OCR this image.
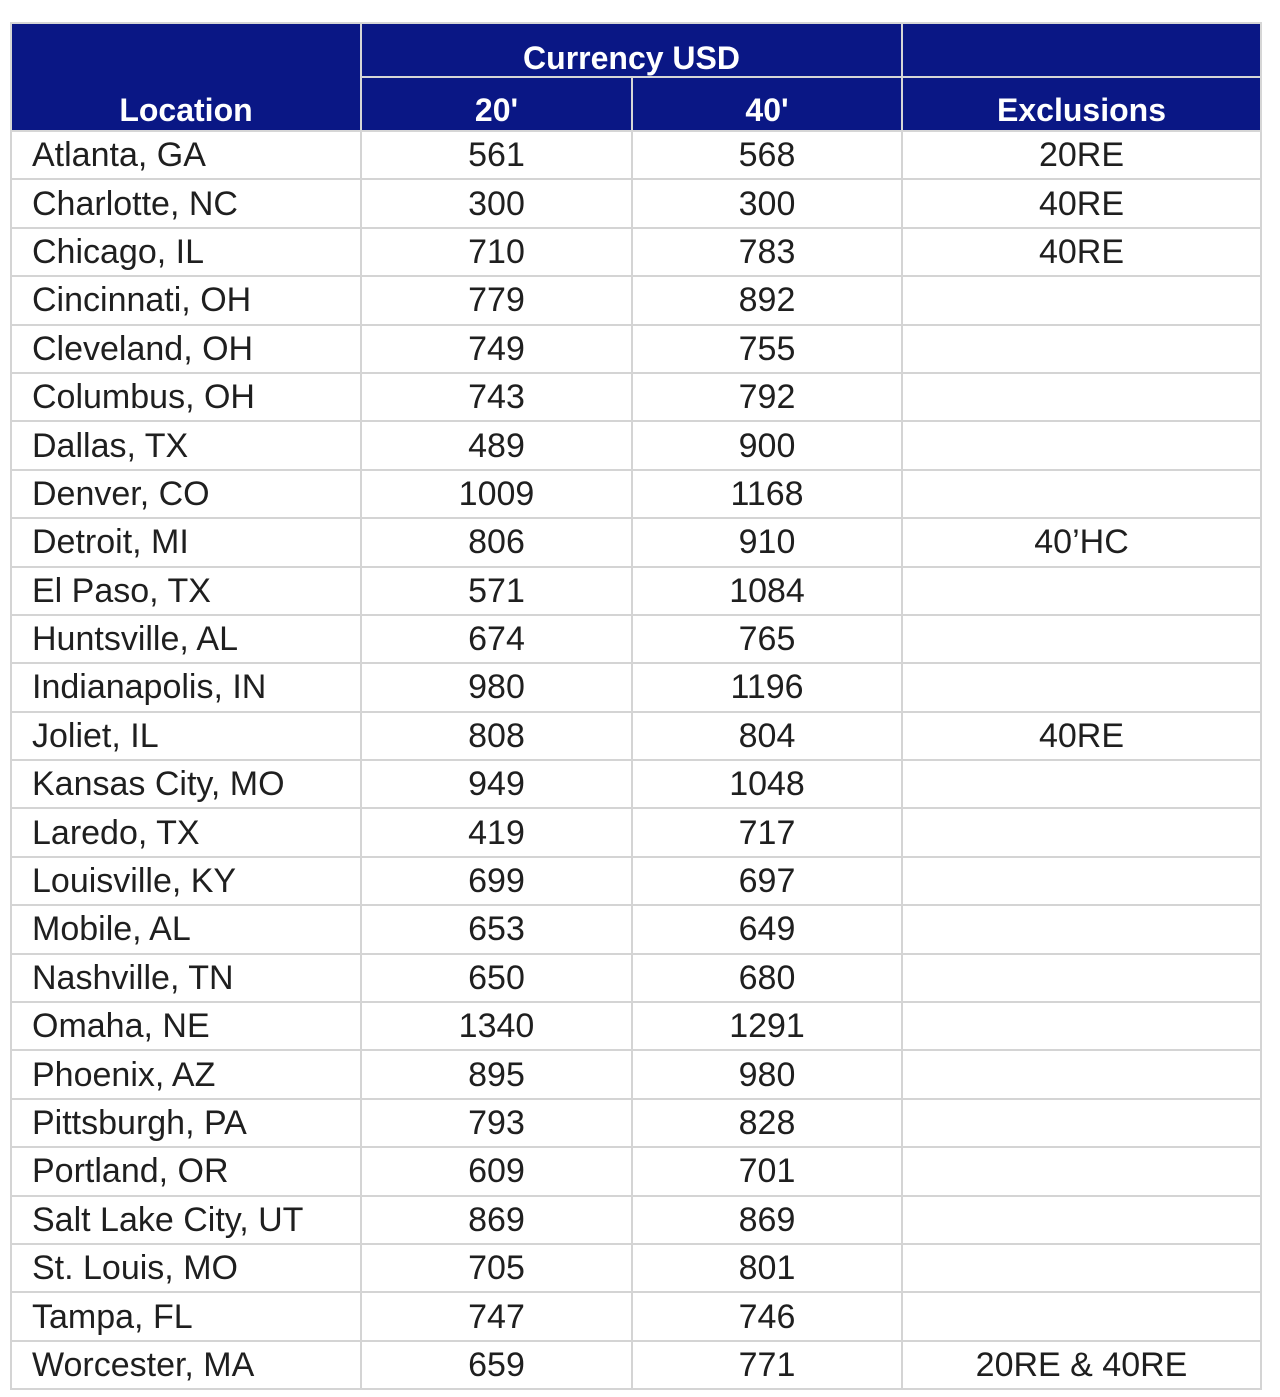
Location	Currency USD		
	20'	40'	Exclusions
Atlanta, GA	561	568	20RE
Charlotte, NC	300	300	40RE
Chicago, IL	710	783	40RE
Cincinnati, OH	779	892	
Cleveland, OH	749	755	
Columbus, OH	743	792	
Dallas, TX	489	900	
Denver, CO	1009	1168	
Detroit, MI	806	910	40’HC
El Paso, TX	571	1084	
Huntsville, AL	674	765	
Indianapolis, IN	980	1196	
Joliet, IL	808	804	40RE
Kansas City, MO	949	1048	
Laredo, TX	419	717	
Louisville, KY	699	697	
Mobile, AL	653	649	
Nashville, TN	650	680	
Omaha, NE	1340	1291	
Phoenix, AZ	895	980	
Pittsburgh, PA	793	828	
Portland, OR	609	701	
Salt Lake City, UT	869	869	
St. Louis, MO	705	801	
Tampa, FL	747	746	
Worcester, MA	659	771	20RE & 40RE
